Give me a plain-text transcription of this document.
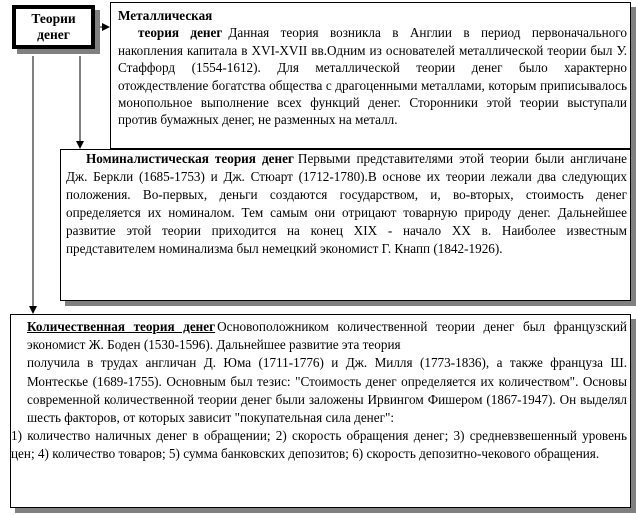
Теории
денег
Металлическая
теория денег Данная теория возникла в Англии в период первоначального накопления капитала в XVI-XVII вв.Одним из основателей металлической теории был У. Стаффорд (1554-1612). Для металлической теории денег было характерно отождествление богатства общества с драгоценными металлами, которым приписывалось монопольное выполнение всех функций денег. Сторонники этой теории выступали против бумажных денег, не разменных на металл.
Номиналистическая теория денег Первыми представителями этой теории были англичане Дж. Беркли (1685-1753) и Дж. Стюарт (1712-1780).В основе их теории лежали два следующих положения. Во-первых, деньги создаются государством, и, во-вторых, стоимость денег определяется их номиналом. Тем самым они отрицают товарную природу денег. Дальнейшее развитие этой теории приходится на конец XIX - начало XX в. Наиболее известным представителем номинализма был немецкий экономист Г. Кнапп (1842-1926).
Количественная теория денег Основоположником количественной теории денег был французский экономист Ж. Боден (1530-1596). Дальнейшее развитие эта теория
получила в трудах англичан Д. Юма (1711-1776) и Дж. Милля (1773-1836), а также француза Ш. Монтескье (1689-1755). Основным был тезис: "Стоимость денег определяется их количеством". Основы современной количественной теории денег были заложены Ирвингом Фишером (1867-1947). Он выделял шесть факторов, от которых зависит "покупательная сила денег":
1) количество наличных денег в обращении; 2) скорость обращения денег; 3) средневзвешенный уровень цен; 4) количество товаров; 5) сумма банковских депозитов; 6) скорость депозитно-чекового обращения.
